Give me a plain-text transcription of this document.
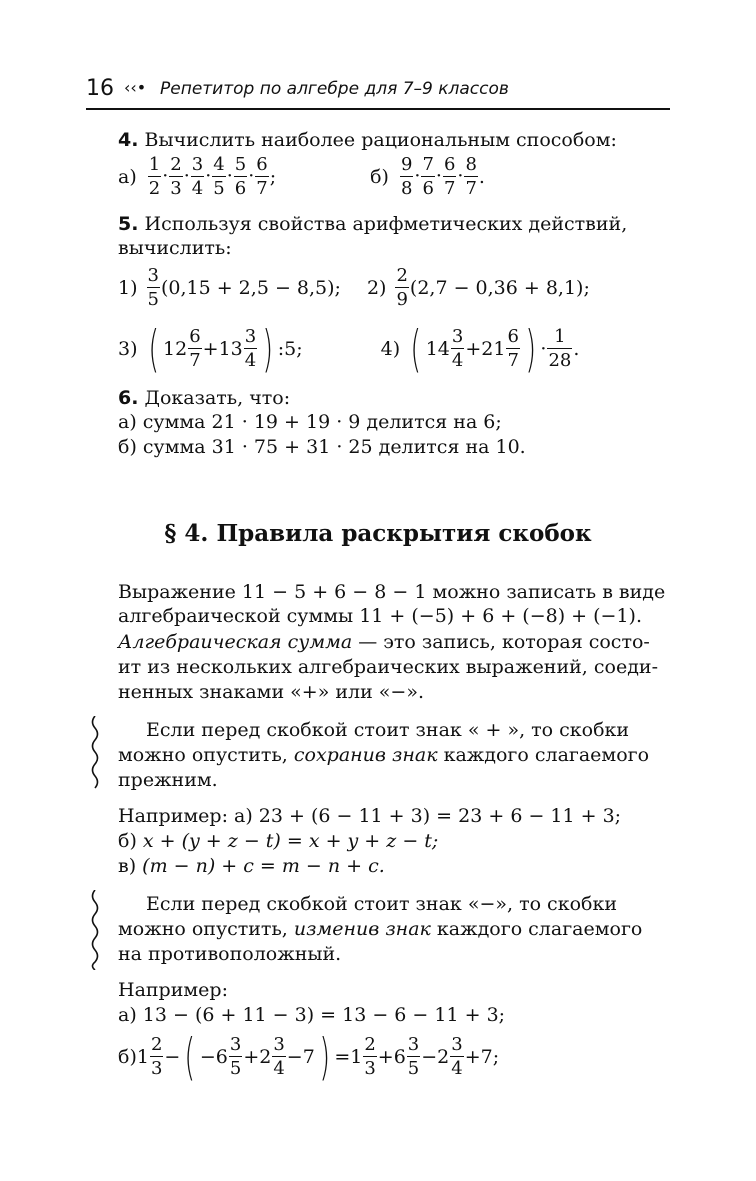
16 ‹‹• Репетитор по алгебре для 7–9 классов
4. Вычислить наиболее рациональным способом:
$а) \frac{1}{2} \cdot \frac{2}{3} \cdot \frac{3}{4} \cdot \frac{4}{5} \cdot \frac{5}{6} \cdot \frac{6}{7}$ ;	$б) \frac{9}{8} \cdot \frac{7}{6} \cdot \frac{6}{7} \cdot \frac{8}{7}$ .
5. Используя свойства арифметических действий,
вычислить:
$1) \frac{3}{5} (0,15 + 2,5 - 8,5)$; $2) \frac{2}{9} (2,7 - 0,36 + 8,1)$;
3) ( $12 \frac{6}{7} +13 \frac{3}{4}$ ) :5;	4) ( $14 \frac{3}{4} +21 \frac{6}{7}$ ) · $\frac{1}{28}$ .
6. Доказать, что:
а) сумма 21 · 19 + 19 · 9 делится на 6;
б) сумма 31 · 75 + 31 · 25 делится на 10.
§ 4. Правила раскрытия скобок
Выражение 11 − 5 + 6 − 8 − 1 можно записать в виде
алгебраической суммы 11 + (−5) + 6 + (−8) + (−1).
Алгебраическая сумма — это запись, которая состо-
ит из нескольких алгебраических выражений, соеди-
ненных знаками «+» или «−».
Если перед скобкой стоит знак « + », то скобки
можно опустить, сохранив знак каждого слагаемого
прежним.
Например: а) 23 + (6 − 11 + 3) = 23 + 6 − 11 + 3;
б) x + (y + z − t) = x + y + z − t;
в) (m − n) + c = m − n + c.
Если перед скобкой стоит знак «−», то скобки
можно опустить, изменив знак каждого слагаемого
на противоположный.
Например:
а) 13 − (6 + 11 − 3) = 13 − 6 − 11 + 3;
б) $1 \frac{2}{3}$ − ( $-6 \frac{3}{5} +2 \frac{3}{4} -7$ ) $=1 \frac{2}{3} +6 \frac{3}{5} -2 \frac{3}{4} +7$;
